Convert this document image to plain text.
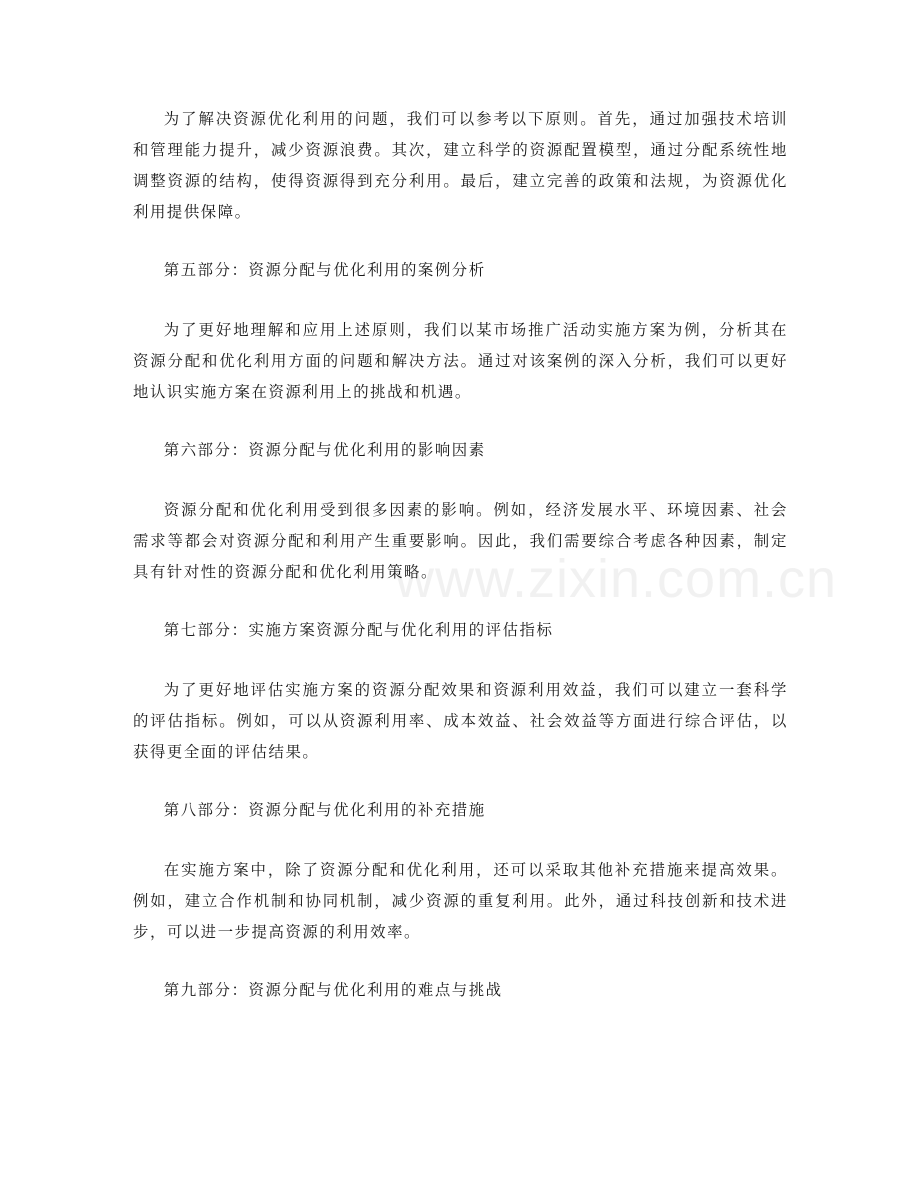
www.zixin.com.cn

为了解决资源优化利用的问题，我们可以参考以下原则。首先，通过加强技术培训和管理能力提升，减少资源浪费。其次，建立科学的资源配置模型，通过分配系统性地调整资源的结构，使得资源得到充分利用。最后，建立完善的政策和法规，为资源优化利用提供保障。

第五部分：资源分配与优化利用的案例分析

为了更好地理解和应用上述原则，我们以某市场推广活动实施方案为例，分析其在资源分配和优化利用方面的问题和解决方法。通过对该案例的深入分析，我们可以更好地认识实施方案在资源利用上的挑战和机遇。

第六部分：资源分配与优化利用的影响因素

资源分配和优化利用受到很多因素的影响。例如，经济发展水平、环境因素、社会需求等都会对资源分配和利用产生重要影响。因此，我们需要综合考虑各种因素，制定具有针对性的资源分配和优化利用策略。

第七部分：实施方案资源分配与优化利用的评估指标

为了更好地评估实施方案的资源分配效果和资源利用效益，我们可以建立一套科学的评估指标。例如，可以从资源利用率、成本效益、社会效益等方面进行综合评估，以获得更全面的评估结果。

第八部分：资源分配与优化利用的补充措施

在实施方案中，除了资源分配和优化利用，还可以采取其他补充措施来提高效果。例如，建立合作机制和协同机制，减少资源的重复利用。此外，通过科技创新和技术进步，可以进一步提高资源的利用效率。

第九部分：资源分配与优化利用的难点与挑战
